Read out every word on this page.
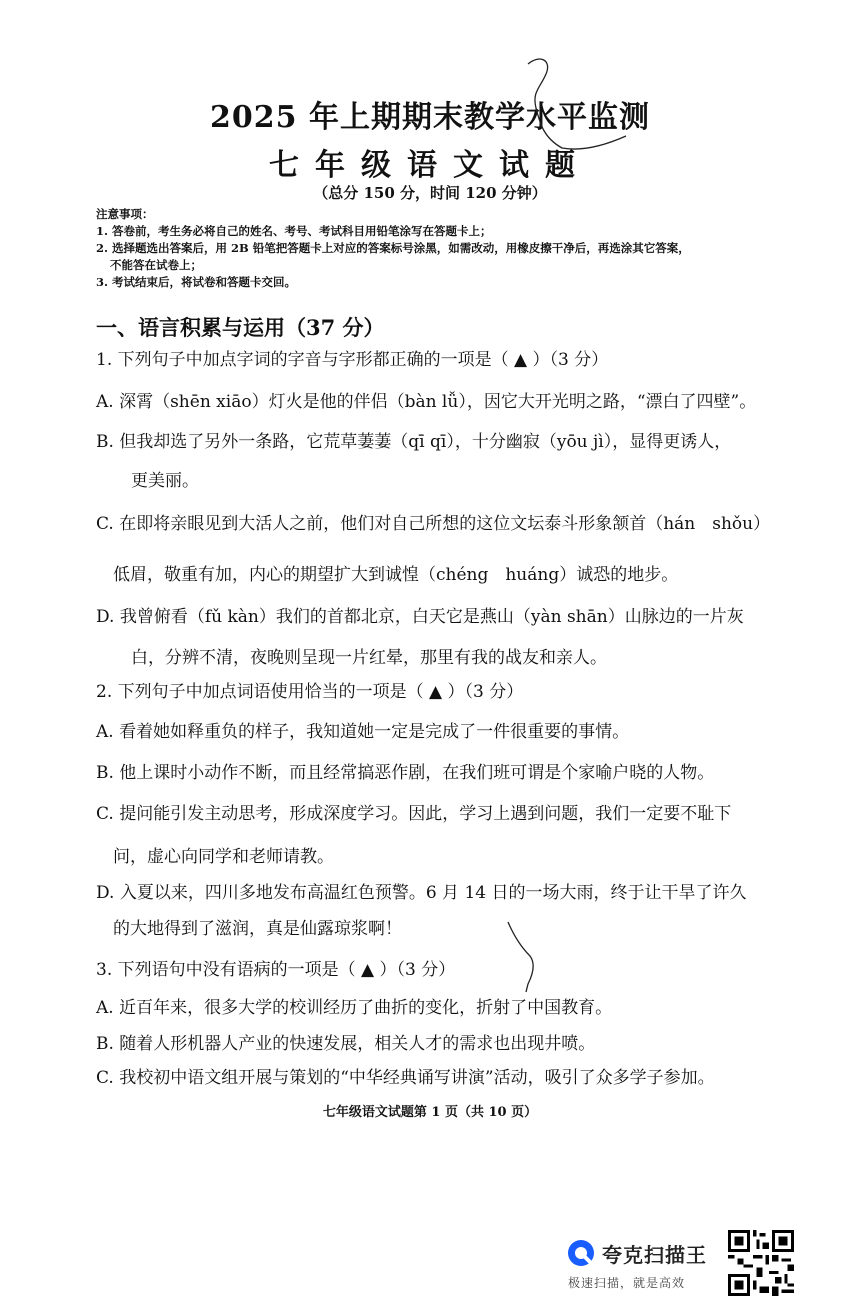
2025 年上期期末教学水平监测
七年级语文试题
（总分 150 分，时间 120 分钟）
注意事项：
1. 答卷前，考生务必将自己的姓名、考号、考试科目用铅笔涂写在答题卡上；
2. 选择题选出答案后，用 2B 铅笔把答题卡上对应的答案标号涂黑，如需改动，用橡皮擦干净后，再选涂其它答案，
不能答在试卷上；
3. 考试结束后，将试卷和答题卡交回。
一、语言积累与运用（37 分）
1. 下列句子中加点字词的字音与字形都正确的一项是（ ▲ ）（3 分）
A. 深霄（shēn xiāo）灯火是他的伴侣（bàn lǚ），因它大开光明之路，“漂白了四壁”。
B. 但我却选了另外一条路，它荒草萋萋（qī qī），十分幽寂（yōu jì），显得更诱人，
更美丽。
C. 在即将亲眼见到大活人之前，他们对自己所想的这位文坛泰斗形象颔首（hán　shǒu）
低眉，敬重有加，内心的期望扩大到诚惶（chéng　huáng）诚恐的地步。
D. 我曾俯看（fǔ kàn）我们的首都北京，白天它是燕山（yàn shān）山脉边的一片灰
白，分辨不清，夜晚则呈现一片红晕，那里有我的战友和亲人。
2. 下列句子中加点词语使用恰当的一项是（ ▲ ）（3 分）
A. 看着她如释重负的样子，我知道她一定是完成了一件很重要的事情。
B. 他上课时小动作不断，而且经常搞恶作剧，在我们班可谓是个家喻户晓的人物。
C. 提问能引发主动思考，形成深度学习。因此，学习上遇到问题，我们一定要不耻下
问，虚心向同学和老师请教。
D. 入夏以来，四川多地发布高温红色预警。6 月 14 日的一场大雨，终于让干旱了许久
的大地得到了滋润，真是仙露琼浆啊！
3. 下列语句中没有语病的一项是（ ▲ ）（3 分）
A. 近百年来，很多大学的校训经历了曲折的变化，折射了中国教育。
B. 随着人形机器人产业的快速发展，相关人才的需求也出现井喷。
C. 我校初中语文组开展与策划的“中华经典诵写讲演”活动，吸引了众多学子参加。
七年级语文试题第 1 页（共 10 页）
夸克扫描王
极速扫描，就是高效
